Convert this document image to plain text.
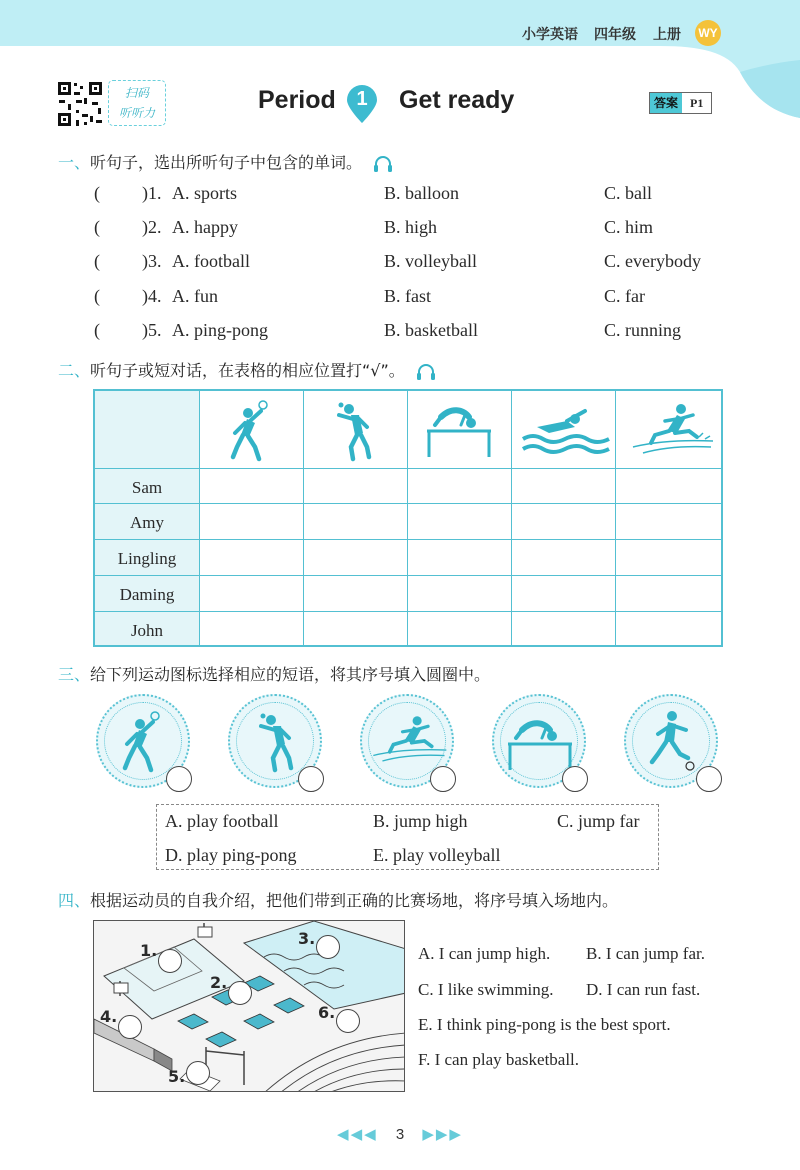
小学英语 四年级 上册 WY
扫码
听听力	Period	1	Get ready	答案	P1
一、听句子，选出所听句子中包含的单词。
( )1. A. sports	B. balloon	C. ball
( )2. A. happy	B. high	C. him
( )3. A. football	B. volleyball	C. everybody
( )4. A. fun	B. fast	C. far
( )5. A. ping-pong	B. basketball	C. running
二、听句子或短对话，在表格的相应位置打“√”。
Sam
Amy
Lingling
Daming
John
三、给下列运动图标选择相应的短语，将其序号填入圆圈中。
A. play football	B. jump high	C. jump far
D. play ping-pong	E. play volleyball
四、根据运动员的自我介绍，把他们带到正确的比赛场地，将序号填入场地内。
1.
2.
3.
4.
5.
6.
A. I can jump high. B. I can jump far.
C. I like swimming. D. I can run fast.
E. I think ping-pong is the best sport.
F. I can play basketball.
◀◀◀ 3 ▶▶▶
